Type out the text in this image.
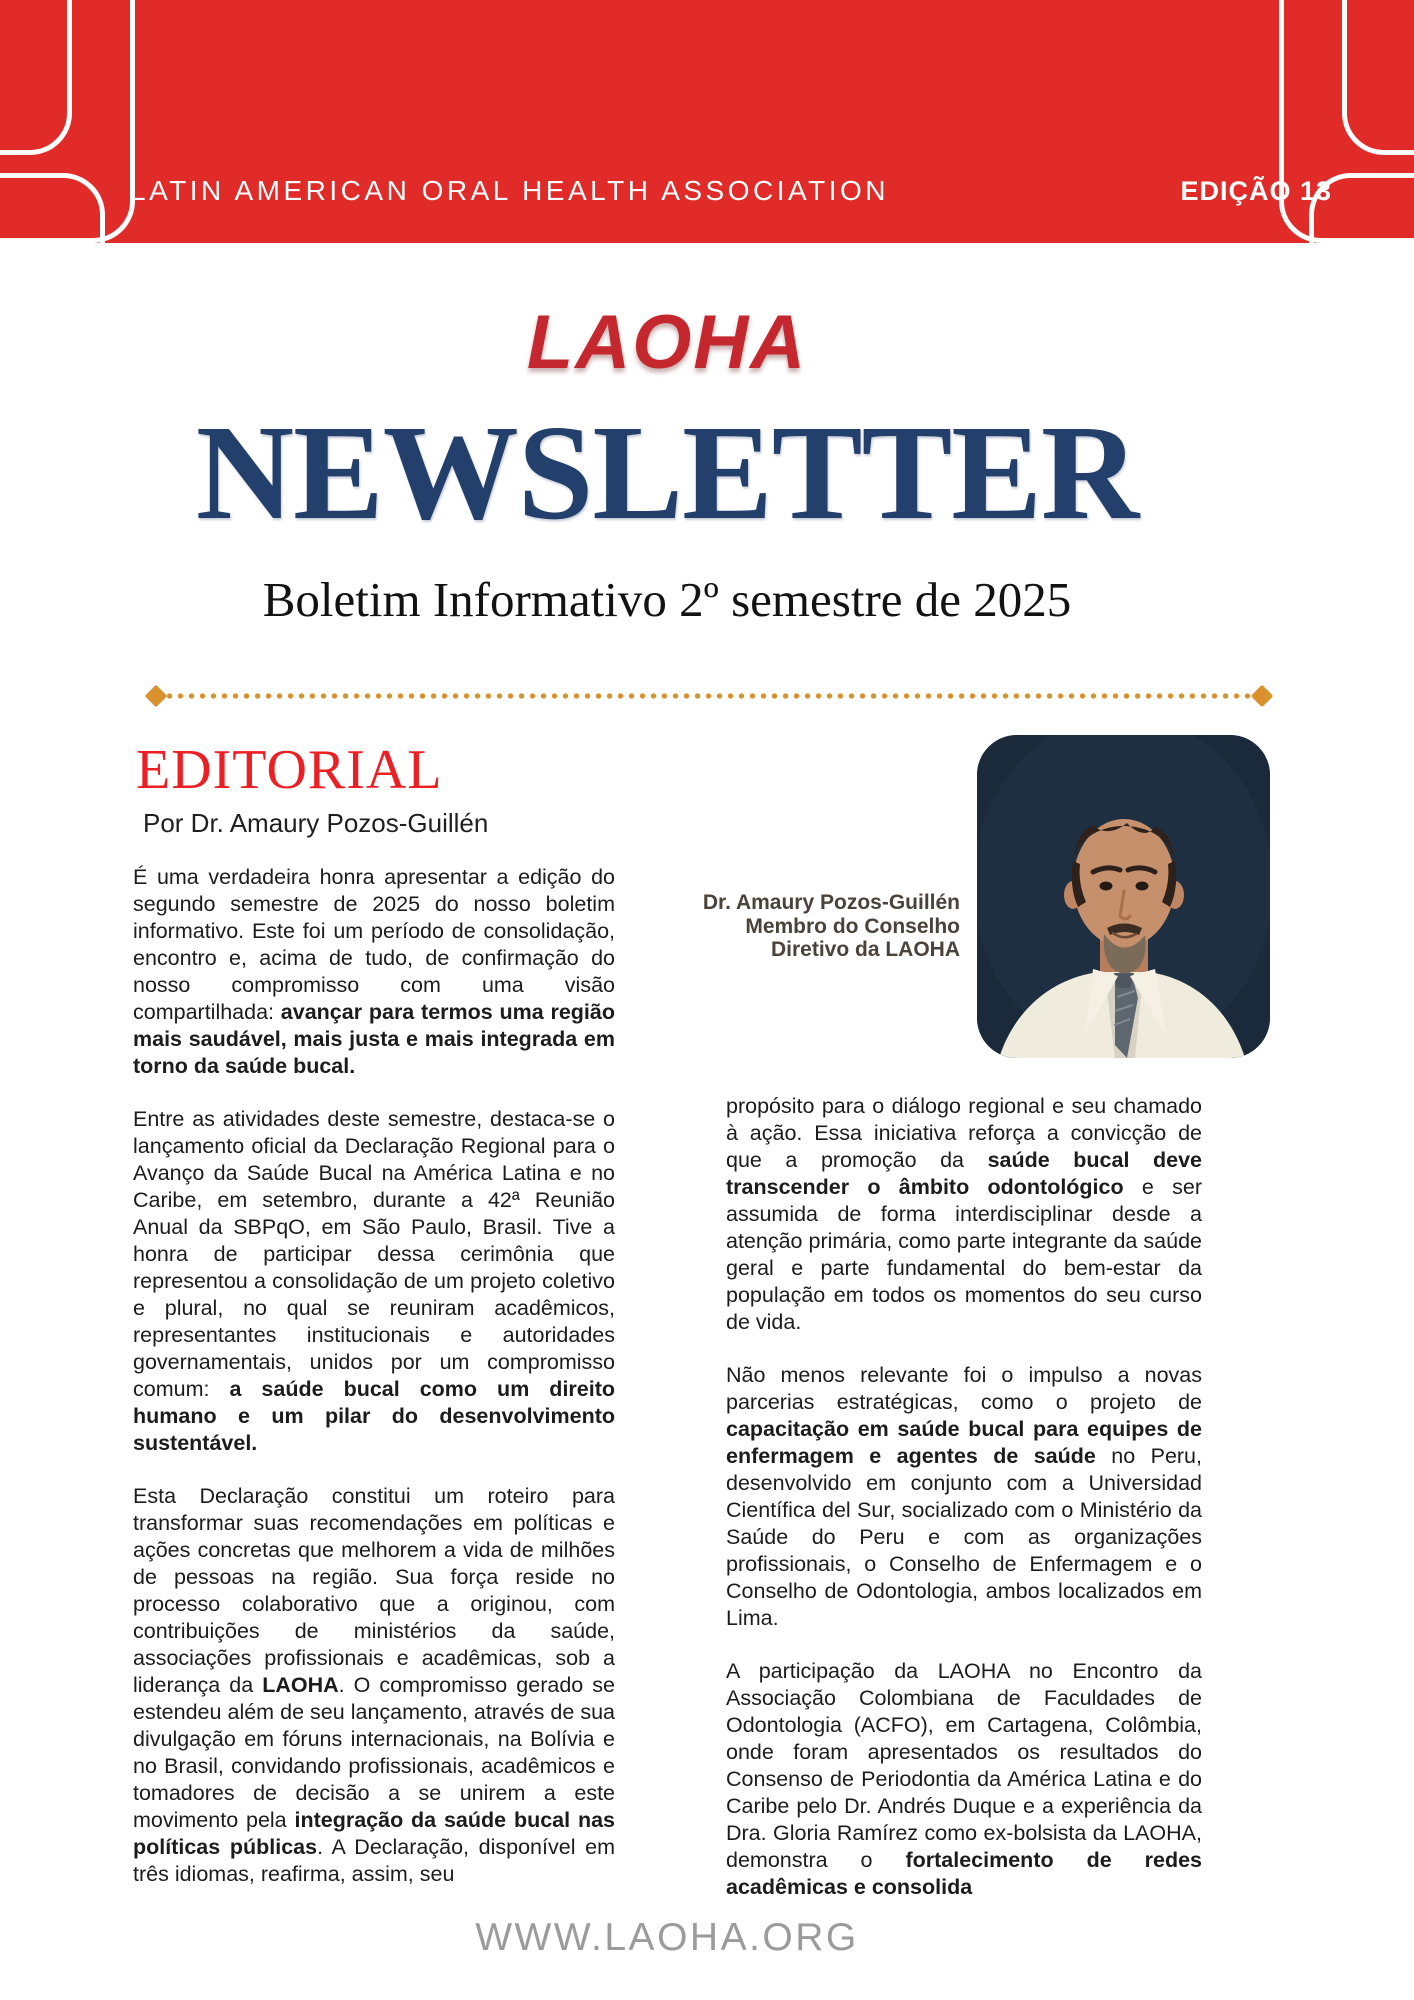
LATIN AMERICAN ORAL HEALTH ASSOCIATION	EDIÇÃO 13
LAOHA
NEWSLETTER
Boletim Informativo 2º semestre de 2025
EDITORIAL
Por Dr. Amaury Pozos-Guillén

É uma verdadeira honra apresentar a edição do segundo semestre de 2025 do nosso boletim informativo. Este foi um período de consolidação, encontro e, acima de tudo, de confirmação do nosso compromisso com uma visão compartilhada: avançar para termos uma região mais saudável, mais justa e mais integrada em torno da saúde bucal.

Entre as atividades deste semestre, destaca-se o lançamento oficial da Declaração Regional para o Avanço da Saúde Bucal na América Latina e no Caribe, em setembro, durante a 42ª Reunião Anual da SBPqO, em São Paulo, Brasil. Tive a honra de participar dessa cerimônia que representou a consolidação de um projeto coletivo e plural, no qual se reuniram acadêmicos, representantes institucionais e autoridades governamentais, unidos por um compromisso comum: a saúde bucal como um direito humano e um pilar do desenvolvimento sustentável.

Esta Declaração constitui um roteiro para transformar suas recomendações em políticas e ações concretas que melhorem a vida de milhões de pessoas na região. Sua força reside no processo colaborativo que a originou, com contribuições de ministérios da saúde, associações profissionais e acadêmicas, sob a liderança da LAOHA. O compromisso gerado se estendeu além de seu lançamento, através de sua divulgação em fóruns internacionais, na Bolívia e no Brasil, convidando profissionais, acadêmicos e tomadores de decisão a se unirem a este movimento pela integração da saúde bucal nas políticas públicas. A Declaração, disponível em três idiomas, reafirma, assim, seu

Dr. Amaury Pozos-Guillén
Membro do Conselho
Diretivo da LAOHA

propósito para o diálogo regional e seu chamado à ação. Essa iniciativa reforça a convicção de que a promoção da saúde bucal deve transcender o âmbito odontológico e ser assumida de forma interdisciplinar desde a atenção primária, como parte integrante da saúde geral e parte fundamental do bem-estar da população em todos os momentos do seu curso de vida.

Não menos relevante foi o impulso a novas parcerias estratégicas, como o projeto de capacitação em saúde bucal para equipes de enfermagem e agentes de saúde no Peru, desenvolvido em conjunto com a Universidad Científica del Sur, socializado com o Ministério da Saúde do Peru e com as organizações profissionais, o Conselho de Enfermagem e o Conselho de Odontologia, ambos localizados em Lima.

A participação da LAOHA no Encontro da Associação Colombiana de Faculdades de Odontologia (ACFO), em Cartagena, Colômbia, onde foram apresentados os resultados do Consenso de Periodontia da América Latina e do Caribe pelo Dr. Andrés Duque e a experiência da Dra. Gloria Ramírez como ex-bolsista da LAOHA, demonstra o fortalecimento de redes acadêmicas e consolida

WWW.LAOHA.ORG
